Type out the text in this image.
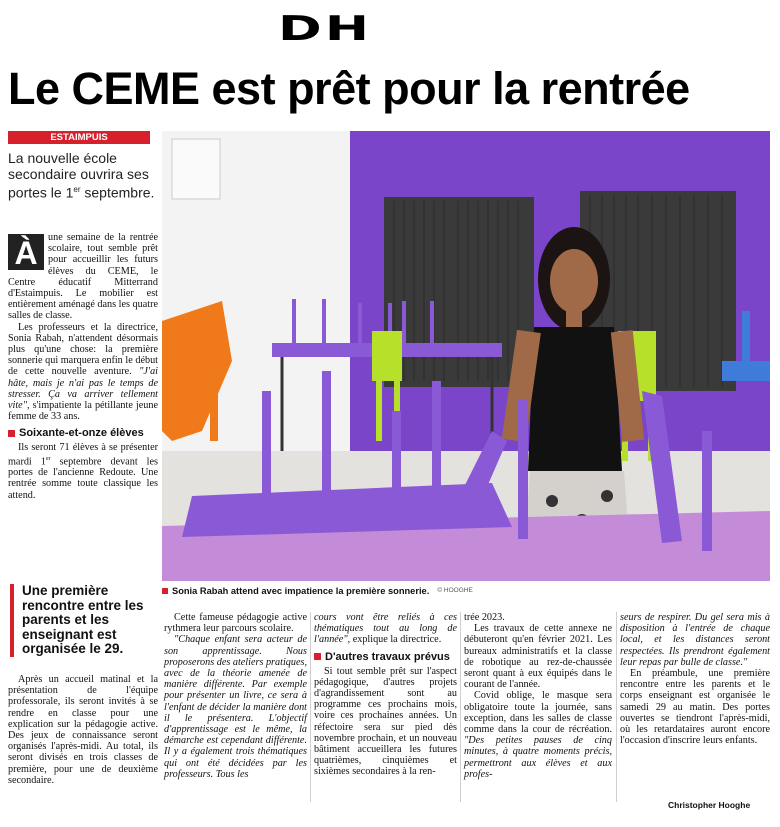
DH
Le CEME est prêt pour la rentrée
ESTAIMPUIS
La nouvelle école secondaire ouvrira ses portes le 1er septembre.
À	une semaine de la rentrée scolaire, tout semble prêt pour accueillir les futurs élèves du CEME, le Centre éducatif Mitterrand d'Estaimpuis. Le mobilier est entièrement aménagé dans les quatre salles de classe.

Les professeurs et la directrice, Sonia Rabah, n'attendent désormais plus qu'une chose: la première sonnerie qui marquera enfin le début de cette nouvelle aventure. "J'ai hâte, mais je n'ai pas le temps de stresser. Ça va arriver tellement vite", s'impatiente la pétillante jeune femme de 33 ans.

Soixante-et-onze élèves

Ils seront 71 élèves à se présenter mardi 1er septembre devant les portes de l'ancienne Redoute. Une rentrée somme toute classique les attend.

Une première rencontre entre les parents et les enseignant est organisée le 29.

Après un accueil matinal et la présentation de l'équipe professorale, ils seront invités à se rendre en classe pour une explication sur la pédagogie active. Des jeux de connaissance seront organisés l'après-midi. Au total, ils seront divisés en trois classes de première, pour une de deuxième secondaire.

Sonia Rabah attend avec impatience la première sonnerie. © HOOGHE

Cette fameuse pédagogie active rythmera leur parcours scolaire.

"Chaque enfant sera acteur de son apprentissage. Nous proposerons des ateliers pratiques, avec de la théorie amenée de manière différente. Par exemple pour présenter un livre, ce sera à l'enfant de décider la manière dont il le présentera. L'objectif d'apprentissage est le même, la démarche est cependant différente. Il y a également trois thématiques qui ont été décidées par les professeurs. Tous les

cours vont être reliés à ces thématiques tout au long de l'année", explique la directrice.

D'autres travaux prévus

Si tout semble prêt sur l'aspect pédagogique, d'autres projets d'agrandissement sont au programme ces prochains mois, voire ces prochaines années. Un réfectoire sera sur pied dès novembre prochain, et un nouveau bâtiment accueillera les futures quatrièmes, cinquièmes et sixièmes secondaires à la ren-

trée 2023.

Les travaux de cette annexe ne débuteront qu'en février 2021. Les bureaux administratifs et la classe de robotique au rez-de-chaussée seront quant à eux équipés dans le courant de l'année.

Covid oblige, le masque sera obligatoire toute la journée, sans exception, dans les salles de classe comme dans la cour de récréation. "Des petites pauses de cinq minutes, à quatre moments précis, permettront aux élèves et aux profes-

seurs de respirer. Du gel sera mis à disposition à l'entrée de chaque local, et les distances seront respectées. Ils prendront également leur repas par bulle de classe."

En préambule, une première rencontre entre les parents et le corps enseignant est organisée le samedi 29 au matin. Des portes ouvertes se tiendront l'après-midi, où les retardataires auront encore l'occasion d'inscrire leurs enfants.

Christopher Hooghe
